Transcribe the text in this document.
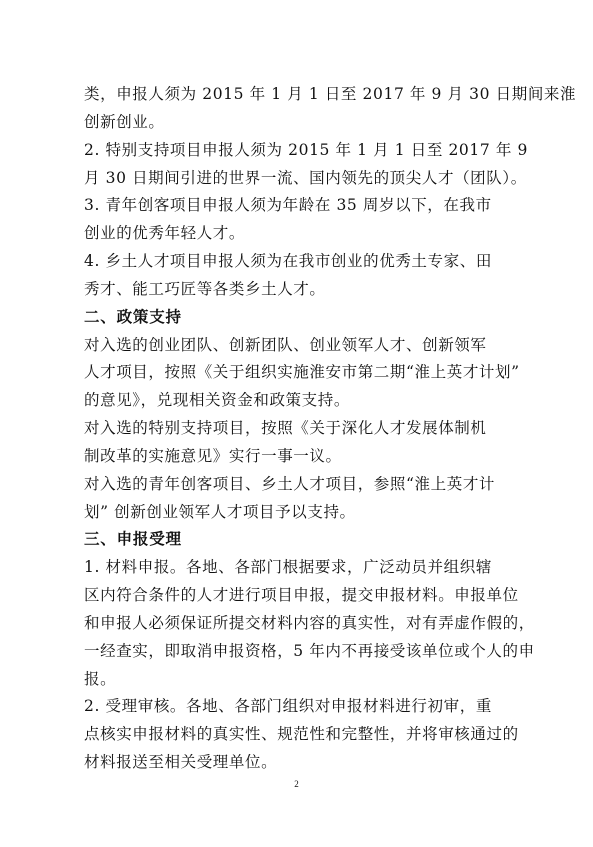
类，申报人须为 2015 年 1 月 1 日至 2017 年 9 月 30 日期间来淮
创新创业。
2. 特别支持项目申报人须为 2015 年 1 月 1 日至 2017 年 9
月 30 日期间引进的世界一流、国内领先的顶尖人才（团队）。
3. 青年创客项目申报人须为年龄在 35 周岁以下，在我市
创业的优秀年轻人才。
4. 乡土人才项目申报人须为在我市创业的优秀土专家、田
秀才、能工巧匠等各类乡土人才。
二、政策支持
对入选的创业团队、创新团队、创业领军人才、创新领军
人才项目，按照《关于组织实施淮安市第二期“淮上英才计划”
的意见》，兑现相关资金和政策支持。
对入选的特别支持项目，按照《关于深化人才发展体制机
制改革的实施意见》实行一事一议。
对入选的青年创客项目、乡土人才项目，参照“淮上英才计
划” 创新创业领军人才项目予以支持。
三、申报受理
1. 材料申报。各地、各部门根据要求，广泛动员并组织辖
区内符合条件的人才进行项目申报，提交申报材料。申报单位
和申报人必须保证所提交材料内容的真实性，对有弄虚作假的，
一经查实，即取消申报资格，5 年内不再接受该单位或个人的申
报。
2. 受理审核。各地、各部门组织对申报材料进行初审，重
点核实申报材料的真实性、规范性和完整性，并将审核通过的
材料报送至相关受理单位。
2
